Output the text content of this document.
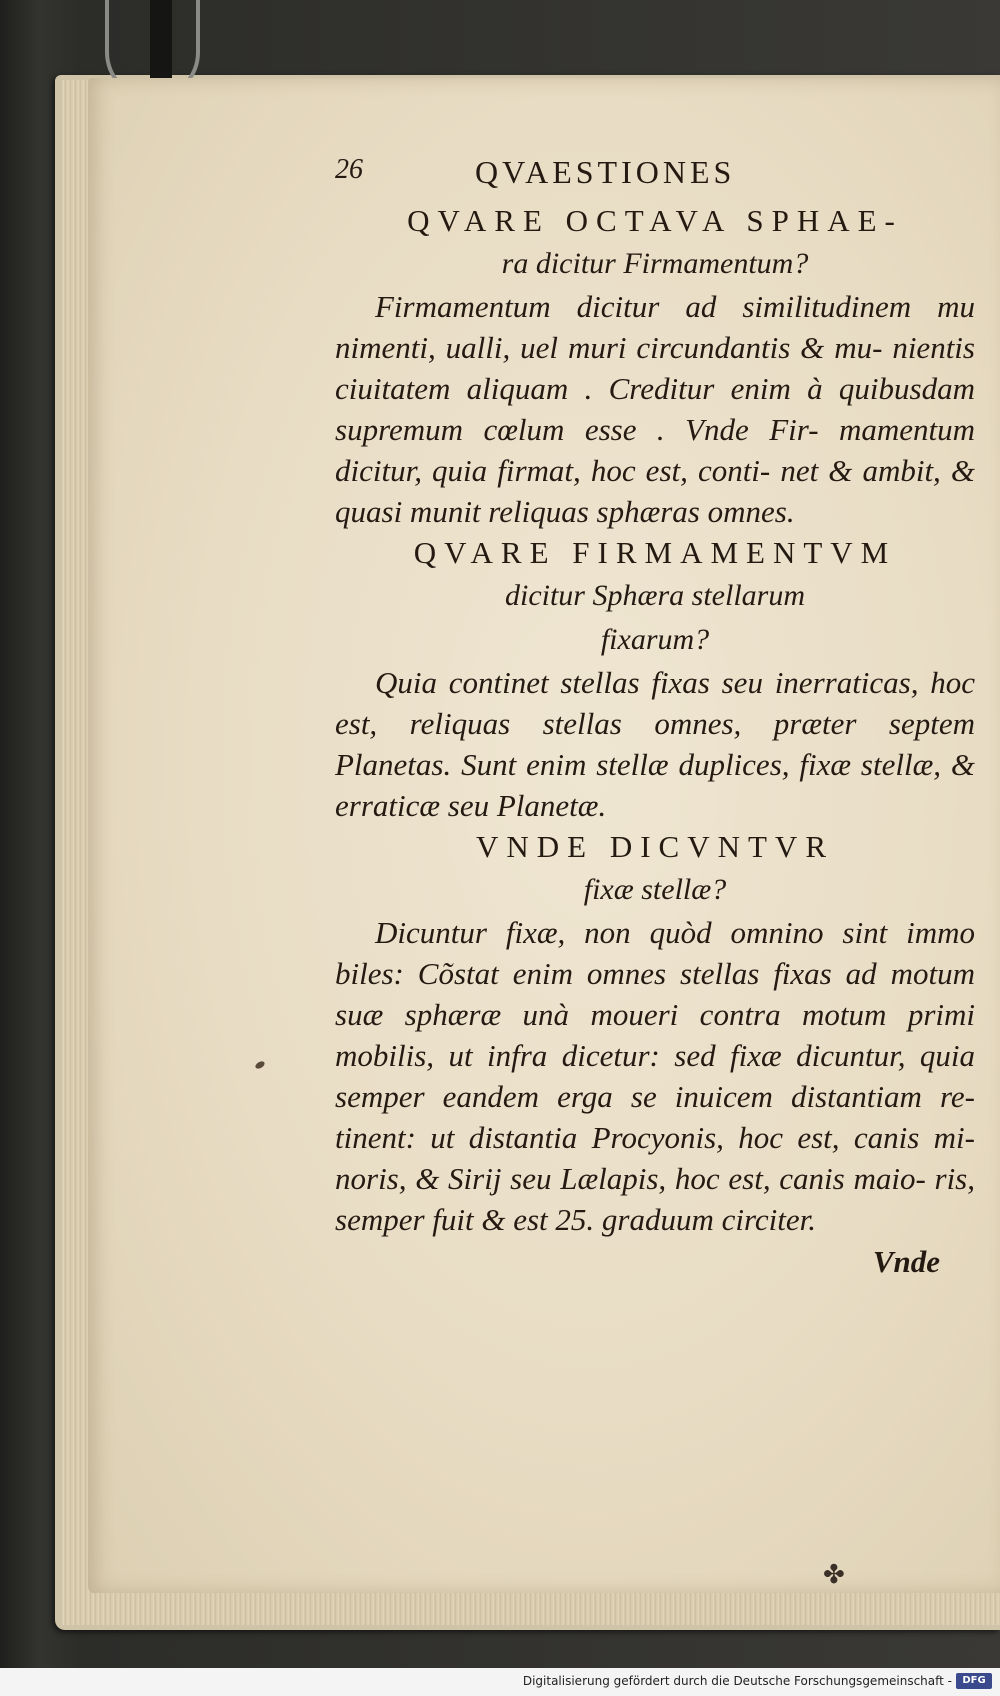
26	QVAESTIONES
QVARE OCTAVA SPHAE-
ra dicitur Firmamentum?
Firmamentum dicitur ad similitudinem mu nimenti, ualli, uel muri circundantis & mu- nientis ciuitatem aliquam . Creditur enim à quibusdam supremum cœlum esse . Vnde Fir- mamentum dicitur, quia firmat, hoc est, conti- net & ambit, & quasi munit reliquas sphæras omnes.
QVARE FIRMAMENTVM
dicitur Sphæra stellarum
fixarum?
Quia continet stellas fixas seu inerraticas, hoc est, reliquas stellas omnes, præter septem Planetas. Sunt enim stellæ duplices, fixæ stellæ, & erraticæ seu Planetæ.
VNDE DICVNTVR
fixæ stellæ?
Dicuntur fixæ, non quòd omnino sint immo biles: Cõstat enim omnes stellas fixas ad motum suæ sphæræ unà moueri contra motum primi mobilis, ut infra dicetur: sed fixæ dicuntur, quia semper eandem erga se inuicem distantiam re- tinent: ut distantia Procyonis, hoc est, canis mi- noris, & Sirij seu Lælapis, hoc est, canis maio- ris, semper fuit & est 25. graduum circiter.
Vnde
✤
Digitalisierung gefördert durch die Deutsche Forschungsgemeinschaft -	DFG
